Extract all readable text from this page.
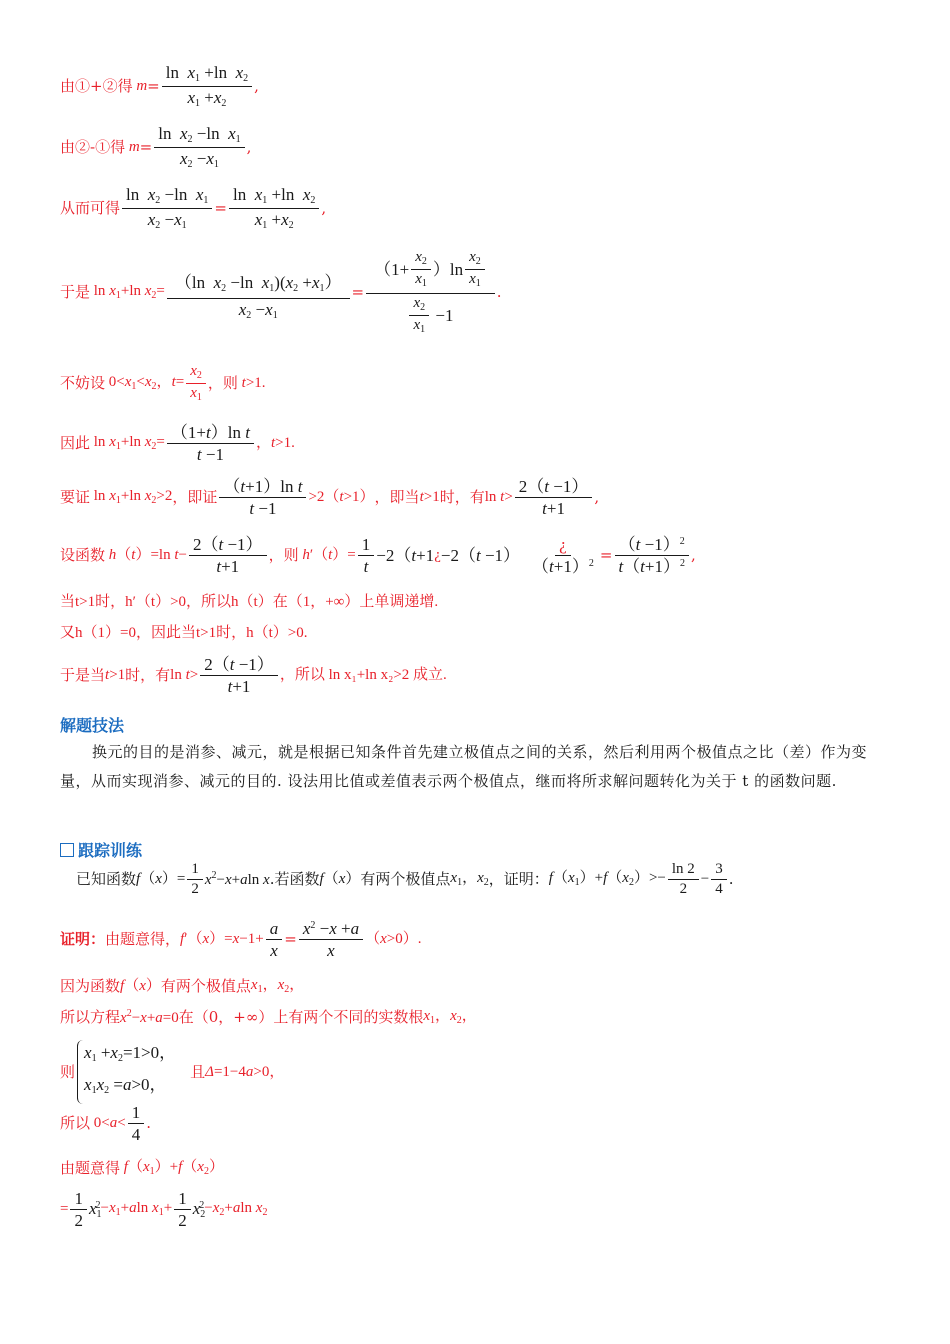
由①+②得 $m = \frac{\ln x_1 +\ln x_2}{x_1 +x_2}$ ,
由②-①得 $m = \frac{\ln x_2 -\ln x_1}{x_2 -x_1}$ ,
从而可得 $\frac{\ln x_2 -\ln x_1}{x_2 -x_1} = \frac{\ln x_1 +\ln x_2}{x_1 +x_2}$ ,
于是 $\ln x_1+\ln$ $x_2= \frac{(\ln x_2 -\ln x_1)(x_2 +x_1)}{x_2 -x_1} = \frac{(1+ \frac{x_2}{x_1} )\ln \frac{x_2}{x_1}}{\frac{x_2}{x_1} -1}$ .
不妨设 $0<x_1<x_2$，$t= \frac{x_2}{x_1}$ ，则 t>1.
因此 $\ln x_1+\ln$ $x_2= \frac{\text{（1+t）ln t}}{t -1}$ ，t>1.
要证 $\ln x_1+\ln$ $x_2>2$ ，即证 $\frac{\text{（t+1）ln t}}{t -1} >2(t>1)$ ，即当 t>1 时，有 $\ln t> \frac{2(t -1)}{t+1}$ ,
设函数 h（t）=ln $t- \frac{2(t -1)}{t+1}$ ，则 $h'(t)= \frac{1}{t} -2(t+1$ ¿ $-2(t -1) \frac{¿}{(t+1)^2} = \frac{(t -1)^2}{t(t+1)^2}$ ,
当t>1时，h′（t）>0，所以h（t）在（1，+∞）上单调递增.
又h（1）=0，因此当t>1时，h（t）>0.
于是当 t>1 时，有 $\ln t> \frac{2(t -1)}{t+1}$ ，所以 ln x₁+ln x₂>2 成立.
解题技法
换元的目的是消参、减元，就是根据已知条件首先建立极值点之间的关系，然后利用两个极值点之比（差）作为变量，从而实现消参、减元的目的. 设法用比值或差值表示两个极值点，继而将所求解问题转化为关于 t 的函数问题.
跟踪训练
已知函数 $f(x)= \frac{1}{2} x^2-x+aln$ x .若函数 f（x） 有两个极值点 $x_1$，$x_2$ ，证明： $f(x_1)+f(x_2)>- \frac{\ln 2}{2} - \frac{3}{4}$ .
证明： 由题意得， $f'(x)=x-1+ \frac{a}{x} = \frac{x^2 -x +a}{x} (x>0)$.
因为函数 f（x） 有两个极值点 $x_1$，$x_2$，
所以方程 $x^2-x+a=0$ 在（0，+∞）上有两个不同的实数根 $x_1$，$x_2$，
则
$x_1 +x_2=1>0$，
$x_1x_2 =a>0$，
且 Δ=1−4a>0，
所以 $0<a< \frac{1}{4}$ .
由题意得 $f(x_1)+f(x_2)$
= $\frac{1}{2} x_1^2 -x_1+aln$ $x_1+ \frac{1}{2} x_2^2 -x_2+aln$ $x_2$
